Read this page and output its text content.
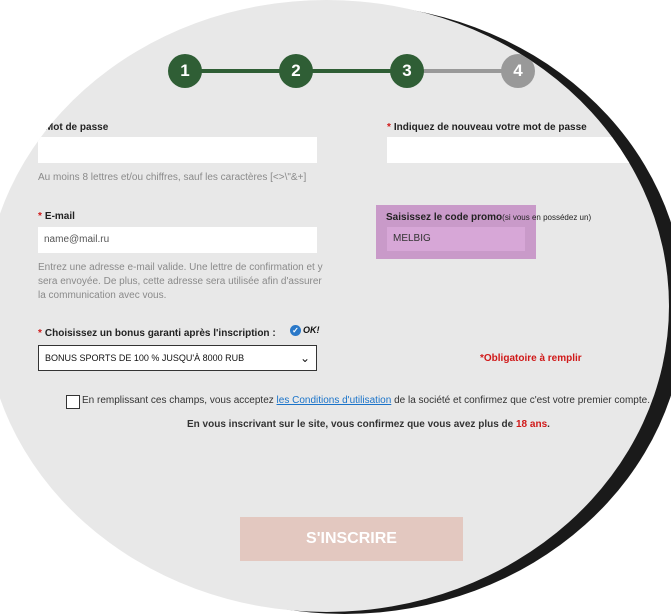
1	2	3	4
* Mot de passe
Au moins 8 lettres et/ou chiffres, sauf les caractères [<>\"&+]
* Indiquez de nouveau votre mot de passe
* E-mail
name@mail.ru
Entrez une adresse e-mail valide. Une lettre de confirmation et y
sera envoyée. De plus, cette adresse sera utilisée afin d'assurer
la communication avec vous.
Saisissez le code promo(si vous en possédez un)
MELBIG
* Choisissez un bonus garanti après l'inscription : ✓ OK!
BONUS SPORTS DE 100 % JUSQU'À 8000 RUB	⌄	*Obligatoire à remplir
En remplissant ces champs, vous acceptez les Conditions d'utilisation de la société et confirmez que c'est votre premier compte.
En vous inscrivant sur le site, vous confirmez que vous avez plus de 18 ans.
S'INSCRIRE
